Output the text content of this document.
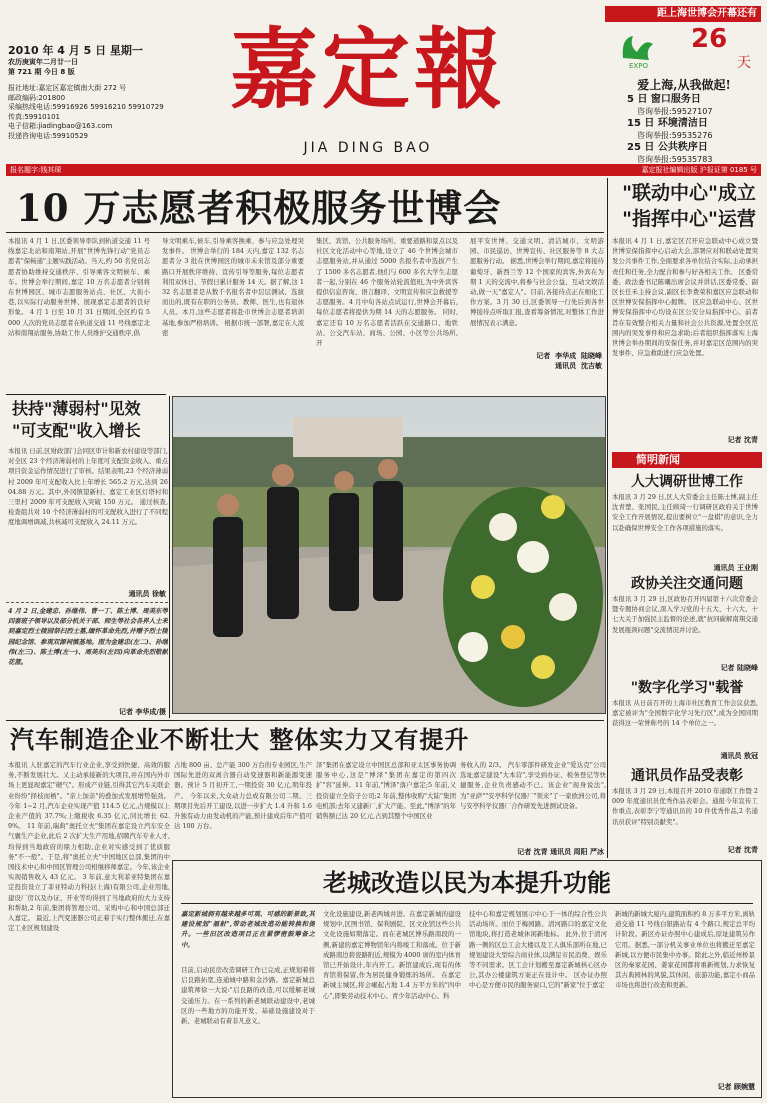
2010 年 4 月 5 日 星期一
农历庚寅年二月廿一日
第 721 期 今日 8 版
报社地址:嘉定区嘉定镇南大街 272 号
邮政编码:201800
采编热线电话:59916926 59916210 59910729
传真:59910101
电子信箱:jiadingbao@163.com
投递咨询电话:59910529
嘉定報
JIA DING BAO
距上海世博会开幕还有
EXPO
26
天
爱上海,从我做起!
5 日 窗口服务日
咨询举报:59527107
15 日 环境清洁日
咨询举报:59535276
25 日 公共秩序日
咨询举报:59535783
报名题字:钱其琛	嘉定报社编辑出版 沪报证第 0185 号
10 万志愿者积极服务世博会
本报讯 4 月 1 日,区委领导率队到轨道交通 11 号线嘉定北站和南翔站,开展"世博先锋行动"党员志愿者"保畅通"主题实践活动。当天,约 50 名党员志愿者协助维持交通秩序、引导乘客文明候车、乘车。世博会举行期间,嘉定 10 万名志愿者分别将在世博园区、城市志愿服务站点、社区、大街小巷,以实际行动服务世博、展现嘉定志愿者的良好形象。 4 月 1 日至 10 月 31 日期间,全区约有 5000 人次的党员志愿者在轨道交通 11 号线嘉定北站和南翔站服务,协助工作人员维护交通秩序,倡
导文明乘车,候车,引导乘客换乘、参与应急处理突发事件。 世博会举行的 184 天内,嘉定 132 名志愿者分 3 批在世博园区的城市未来馆及部分重要路口开展秩序维持、宣传引导等服务,每位志愿者利用双休日、节假日累计服务 14 天。据了解,这 132 名志愿者是从数千名报名者中层层测试、选拔而出的,既有在职的公务员、教师、医生,也有退休人员。本月,这些志愿者将赴市世博会志愿者培训基地,参加严格培训。 根据市统一部署,嘉定在人流密
集区、宾馆、公共服务场所、重要道路和景点以及社区文化活动中心等地,设立了 46 个世博会城市志愿服务站,并从通过 5000 名报名者中选拔产生了 1500 多名志愿者,他们与 600 多名大学生志愿者一起,分别在 46 个服务站轮流值班,为中外宾客提供信息咨询、语言翻译、文明宣传和应急救援等志愿服务。4 月中旬各站点试运行,世博会开幕后,每位志愿者将提供为期 14 天的志愿服务。 同时,嘉定还有 10 万名志愿者活跃在交通路口、地铁站、公交汽车站、商场、公园、小区等公共场所,开
展平安世博、交通文明、清洁城市、文明游园、市民巡访、世博宣传、社区服务等 8 大志愿服务行动。 据悉,世博会举行期间,嘉定将接待葡萄牙、新西兰等 12 个国家的宾客,外宾在为期 1 天的交流中,将参与社会公益、互动文娱活动,做一天"嘉定人"。目前,各接待点正在细化工作方案。3 月 30 日,区委领导一行先后到各世博接待点听取汇报,查看筹备情况,对整体工作进展情况表示满意。
记者  李华成  陆晓峰
通讯员  沈吉敏
扶持"薄弱村"见效
"可支配"收入增长
本报讯 日前,区财政部门会同区审计和新农村建设等部门,对全区 23 个经济薄弱村的上年度可支配资金收入、重点项目资金运作情况进行了审核。结果表明,23 个经济薄弱村 2009 年可支配收入比上年增长 565.2 万元,达到 2604.88 万元。其中,外冈镇望新村、嘉定工业区灯塔村和三里村 2009 年可支配收入突破 150 万元。 通过核查,检查组共对 10 个经济薄弱村的可支配收入进行了不同程度地调增调减,共核减可支配收入 24.11 万元。
通讯员 徐敏
4 月 2 日,金建忠、孙继伟、曹一丁、陈土博、周美东等四套班子领导以及部分机关干部、师生等社会各界人士来到嘉定烈士陵园祭扫烈士墓,缅怀革命先烈,并赠予烈士陵园纪念馆、参观双源祠慎基地。图为金建忠(左二)、孙继伟(左三)、陈土博(左一)、周美东(左四)向革命先烈敬献花篮。
记者 李华成/摄
"联动中心"成立
"指挥中心"运营
本报讯 4 月 1 日,嘉定区召开应急联动中心成立暨世博安保指挥中心启动大会,部署应对和联动处置突发公共事件工作,全面要求各单位结合实际,主动承担责任和任务,全力配合和参与好各相关工作。 区委常委、政法委书记陈曦出席会议并讲话,区委常委、副区长任禾主持会议,副区长李费荣和嘉区应急联动和区世博安保指挥中心揭牌。 区应急联动中心、区世博安保指挥中心均设在区公安分局指挥中心。前者旨在有效整合相关力量和社会公共资源,处置全区范围内的突发事件和应急求助;后者组织指挥落实上海世博会举办期间的安保任务,并对嘉定区范围内的突发事件、应急救助进行应急处置。
记者 沈青
简明新闻
人大调研世博工作
本报讯 3 月 29 日,区人大常委会主任陈士博,副主任沈青楚、张国民,主任顾琦一行调研区政府关于世博安全工作开展情况,提出要树立"一盘棋"的意识,全力以赴确保世博安全工作各项措施的落实。
通讯员 王业刚
政协关注交通问题
本报讯 3 月 29 日,区政协召开四届第十六次常委会暨专题协商会议,深入学习党的十五大、十六大、十七大关于加强民主监督的论述,就"抗同碳解南翔交通发展瓶颈问题"交流情况并讨论。
记者 陆晓峰
"数字化学习"载誉
本报讯 从日前召开的上海市社区教育工作会议获悉,嘉定被评为"全国数字化学习先行区",成为全国同期获得这一荣誉称号的 14 个单位之一。
通讯员 敖冠
通讯员作品受表彰
本报讯 3 月 29 日,本报召开 2010 年通联工作暨 2009 年度通讯员优秀作品表彰会。通报今年宣传工作重点,表彰李宁等通讯员的 10 件优秀作品,2 名通讯员获评"特别贡献奖"。
记者 沈青
汽车制造企业不断壮大 整体实力又有提升
本报讯 人驻嘉定的汽车行业企业,享受到快捷、高效的服务,不断发展壮大。又主动承接新的大项目,并在国内外市场上更显现嘉定"硬气"。形成产业链,引得其它汽车关联企业纷纷"择枝而栖"。"亲上加亲"的叠加式发展增势强劲。今年 1~2 月,汽车企业实现产值 114.5 亿元,占规模以上企业产值的 37.7%;上缴税收 6.35 亿元,同比增长 62.9%。 11 年前,瑞典"奥托立夫"集团在嘉定设立汽车安全气囊生产企业,此后 2 次扩大生产用地,招聘汽车专业人才,均得到当地政府的鼎力相助,企业对实感受到了优质服务"不一般"。于是,将"奥托立夫"中国地区总部,集团的中国技术中心和中国区管理公司相继移师嘉定。今年,该企业实现销售收入 43 亿元。 3 年前,意大利菲亚特集团在嘉定投资设立了菲亚特动力科技(上海)有限公司,企业用地,建设厂房以及办证、开业等均得到了当地政府的大力支持和帮助,2 年前,集团将管理公司、采购中心和中国总部迁入嘉定。 最近,上汽变速器公司正着手实行整体搬迁,在嘉定工业区规划建设
占地 800 亩、总产能 300 万台的专业园区,生产国际先进的双离合器自动变速器和新能源变速器。预计 5 月初开工,一期投资 30 亿元,明年投产。 今年以来,大众动力总成有限公司二期、三期项目先后开工建设,以进一步扩大 1.4 升和 1.6 升独有动力由发动机的产能,预计建成后年产值可达 100 万台。
泽"集团在嘉定设立中国区总部和亚太区事务协调服务中心,这是"博泽"集团在嘉定的第四次扩"容"延伸。11 年前,"博泽"落户嘉定;5 年前,又投资建立全资子公司;2 年前,整体收购"大陆"集团电机部;去年又建新厂,扩大产能。至此,"博泽"的年销售额已达 20 亿元,占到其整个中国区业
务收入的 2/3。 汽车零部件研发企业"爱达克"公司选址嘉定建设"大本营",享受到办证、税务登记等快捷服务,企业负责感动不已。该企业"现身说法",为"亚萨""安亭科学仪器厂"领来"了一家欧洲公司,将与安亭科学仪器厂合作研发先进测试设备。
记者 沈青 通讯员 周阳 严冰
老城改造以民为本提升功能
嘉定新城拥有越来越多可观、可感的新景致,其建设规划"福射",带动老城改造功能转换和提升。一些旧区改造项目正在紧锣密鼓筹备之中。
目前,启动民房改造调研工作已完成,正规划着将启良路拓宽,连通城中路和金沙路。嘉定新城总建筑师徐一大说:"启良路的改造,可以缓解老城交通压力。在一系列的新老城联动建设中,老城区的一些地方的功能开发、基础设施建设对于新、老城联动有着非凡意义。
文化设施建设,新老两城并进。在嘉定新城的建设规划中,区图书馆、保利剧院、区文化馆这些公共文化设施如期落定。而在老城区博乐路南段的一侧,新建的嘉定博物馆年内将竣工和落成。位于新成路南边碧瓷路附近,规模为 4000 席的室内体育馆已开始设计,年内开工。新馆建成后,现有的体育馆将保留,作为居民健身锻炼的场所。 在嘉定新城主城区,将会崛起占地 1.4 万平方米的"四中心",即集劳动技术中心、青少年活动中心、科
技中心和嘉定规划展示中心于一体的综合性公共活动场所。而位于梅园路、清河路口的嘉定文化馆地块,将打造老城休闲新地标。 此外,位于清河路一侧的区总工会大楼以及工人俱乐部所在地,已规划建设大型综合商业体,以满足市民消费、娱乐等不同需求。区工会计划搬至嘉定新城核心区办公,其办公楼建筑方案正在设计中。 区办证办照中心是方便市民的服务窗口,它的"新家"位于嘉定
新城的新城大厦内,建筑面积约 8 万多平方米,离轨道交通 11 号线白银路站有 4 个路口,规定总平均计阶段。新区办证办照中心建成后,原址建筑另作它用。据悉,一部分机关事业单位也将搬迁至嘉定新城,以方便市民集中办事。除此之外,临近州桥景区的秦家花园、姜家花园都将重新规划,力求恢复其古典园林的风貌,其休闲、旅游功能,嘉定小商品市场也将进行改造和更新。
记者 顾婉慧
